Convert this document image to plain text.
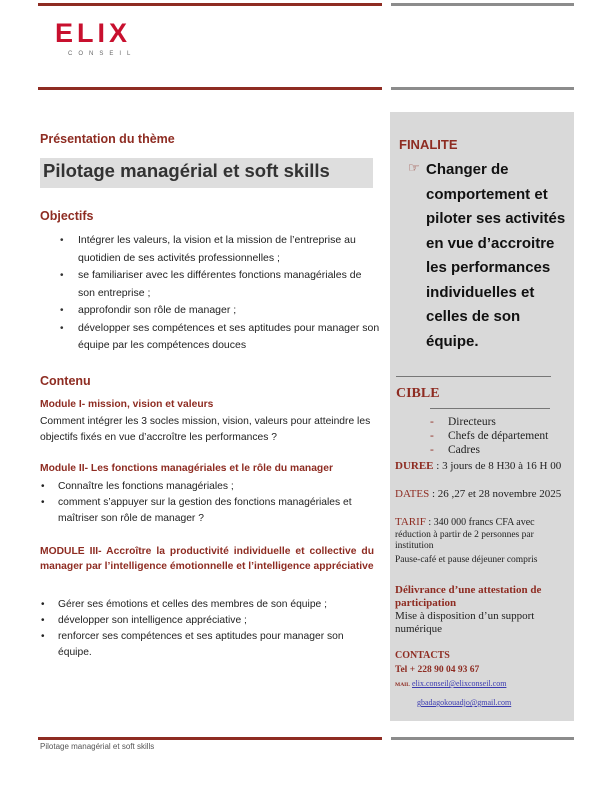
ELIX
CONSEIL
Présentation du thème
Pilotage managérial et soft skills
Objectifs
• Intégrer les valeurs, la vision et la mission de l’entreprise au quotidien de ses activités professionnelles ;
• se familiariser avec les différentes fonctions managériales de son entreprise ;
• approfondir son rôle de manager ;
• développer ses compétences et ses aptitudes pour manager son équipe par les compétences douces
Contenu
Module I- mission, vision et valeurs
Comment intégrer les 3 socles mission, vision, valeurs pour atteindre les objectifs fixés en vue d’accroître les performances ?
Module II- Les fonctions managériales et le rôle du manager
• Connaître les fonctions managériales ;
• comment s’appuyer sur la gestion des fonctions managériales et maîtriser son rôle de manager ?
MODULE III- Accroître la productivité individuelle et collective du manager par l’intelligence émotionnelle et l’intelligence appréciative
• Gérer ses émotions et celles des membres de son équipe ;
• développer son intelligence appréciative ;
• renforcer ses compétences et ses aptitudes pour manager son équipe.
FINALITE
☞ Changer de comportement et piloter ses activités en vue d’accroitre les performances individuelles et celles de son équipe.
CIBLE
- Directeurs
- Chefs de département
- Cadres
DUREE : 3 jours de 8 H30 à 16 H 00
DATES : 26 ,27 et 28 novembre 2025
TARIF : 340 000 francs CFA avec
réduction à partir de 2 personnes par institution
Pause-café et pause déjeuner compris
Délivrance d’une attestation de participation
Mise à disposition d’un support numérique
CONTACTS
Tel + 228 90 04 93 67
MAIL elix.conseil@elixconseil.com
gbadagokouadjo@gmail.com
Pilotage managérial et soft skills
